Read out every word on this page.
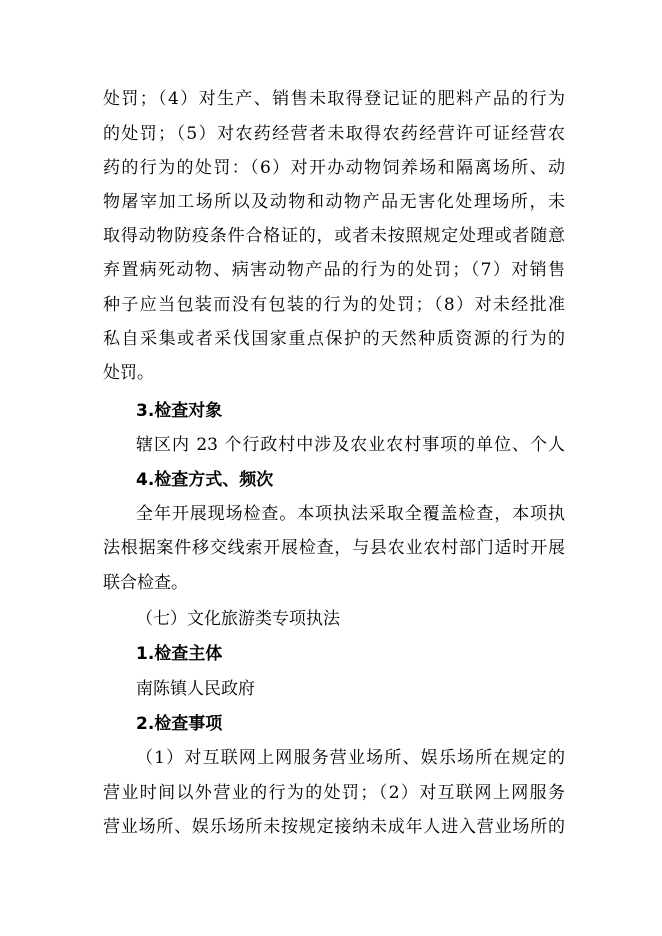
处罚；（4）对生产、销售未取得登记证的肥料产品的行为
的处罚；（5）对农药经营者未取得农药经营许可证经营农
药的行为的处罚：（6）对开办动物饲养场和隔离场所、动
物屠宰加工场所以及动物和动物产品无害化处理场所，未
取得动物防疫条件合格证的，或者未按照规定处理或者随意
弃置病死动物、病害动物产品的行为的处罚；（7）对销售
种子应当包装而没有包装的行为的处罚；（8）对未经批准
私自采集或者采伐国家重点保护的天然种质资源的行为的
处罚。
3.检查对象
辖区内 23 个行政村中涉及农业农村事项的单位、个人
4.检查方式、频次
全年开展现场检查。本项执法采取全覆盖检查，本项执
法根据案件移交线索开展检查，与县农业农村部门适时开展
联合检查。
（七）文化旅游类专项执法
1.检查主体
南陈镇人民政府
2.检查事项
（1）对互联网上网服务营业场所、娱乐场所在规定的
营业时间以外营业的行为的处罚；（2）对互联网上网服务
营业场所、娱乐场所未按规定接纳未成年人进入营业场所的
